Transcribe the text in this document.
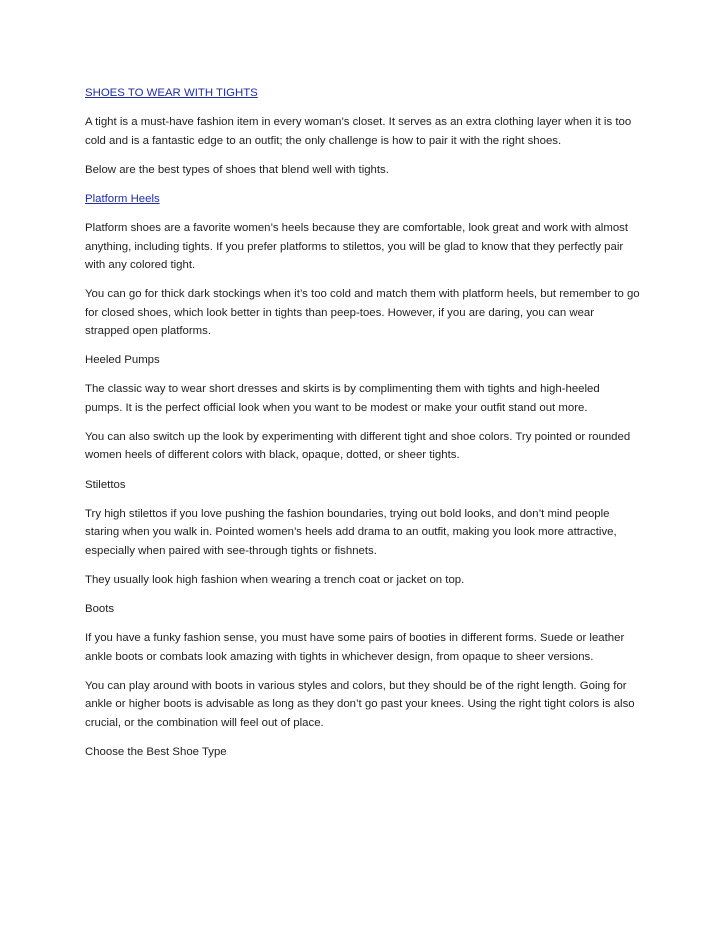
SHOES TO WEAR WITH TIGHTS

A tight is a must-have fashion item in every woman’s closet. It serves as an extra clothing layer when it is too cold and is a fantastic edge to an outfit; the only challenge is how to pair it with the right shoes.

Below are the best types of shoes that blend well with tights.

Platform Heels

Platform shoes are a favorite women’s heels because they are comfortable, look great and work with almost anything, including tights. If you prefer platforms to stilettos, you will be glad to know that they perfectly pair with any colored tight.

You can go for thick dark stockings when it’s too cold and match them with platform heels, but remember to go for closed shoes, which look better in tights than peep-toes. However, if you are daring, you can wear strapped open platforms.

Heeled Pumps

The classic way to wear short dresses and skirts is by complimenting them with tights and high-heeled pumps. It is the perfect official look when you want to be modest or make your outfit stand out more.

You can also switch up the look by experimenting with different tight and shoe colors. Try pointed or rounded women heels of different colors with black, opaque, dotted, or sheer tights.

Stilettos

Try high stilettos if you love pushing the fashion boundaries, trying out bold looks, and don’t mind people staring when you walk in. Pointed women’s heels add drama to an outfit, making you look more attractive, especially when paired with see-through tights or fishnets.

They usually look high fashion when wearing a trench coat or jacket on top.

Boots

If you have a funky fashion sense, you must have some pairs of booties in different forms. Suede or leather ankle boots or combats look amazing with tights in whichever design, from opaque to sheer versions.

You can play around with boots in various styles and colors, but they should be of the right length. Going for ankle or higher boots is advisable as long as they don’t go past your knees. Using the right tight colors is also crucial, or the combination will feel out of place.

Choose the Best Shoe Type
